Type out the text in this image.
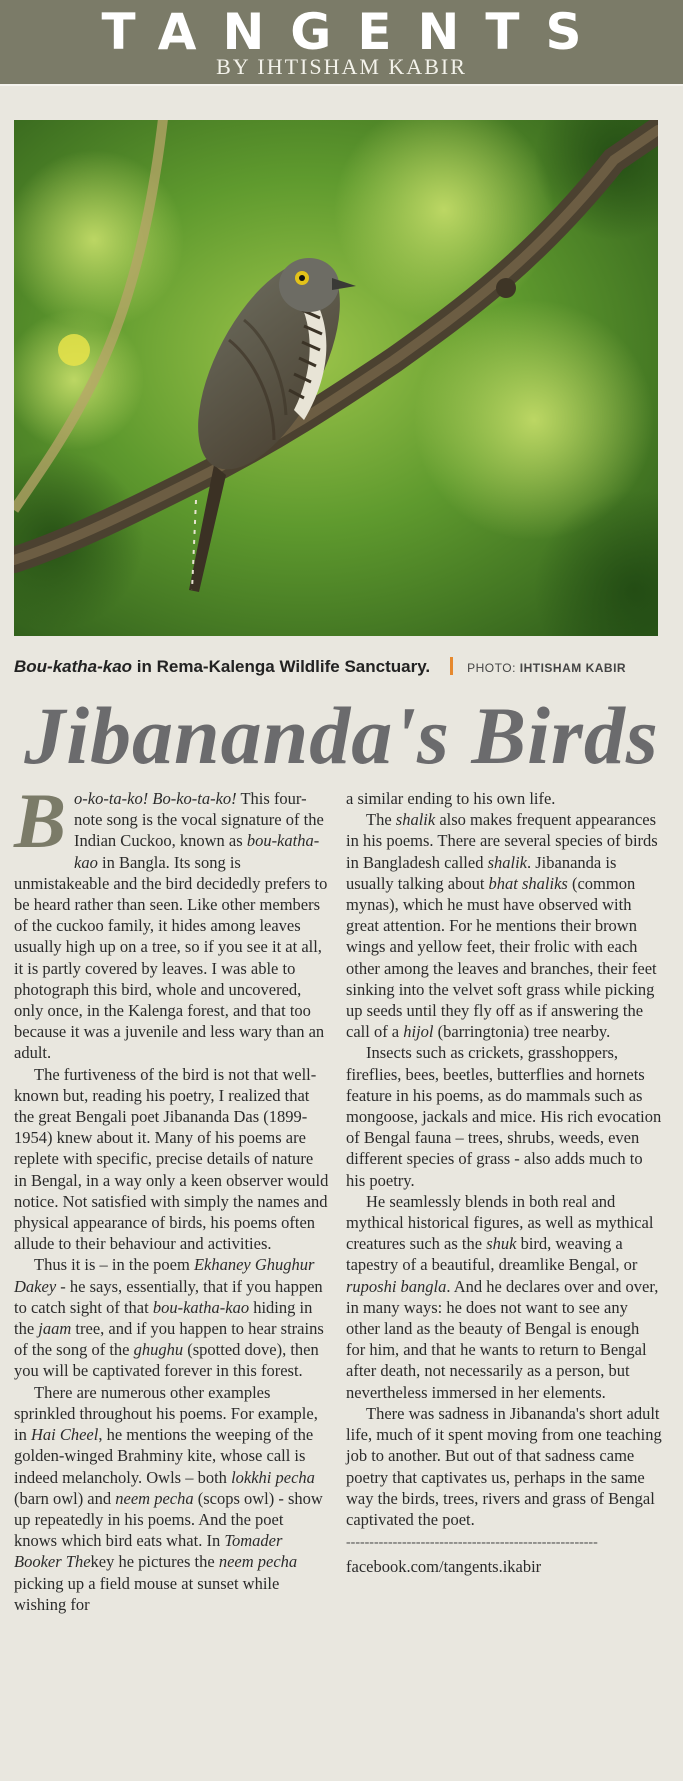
TANGENTS
BY IHTISHAM KABIR
Bou-katha-kao in Rema-Kalenga Wildlife Sanctuary.	PHOTO: IHTISHAM KABIR
Jibananda's Birds

Bo-ko-ta-ko! Bo-ko-ta-ko! This four-note song is the vocal signature of the Indian Cuckoo, known as bou-katha-kao in Bangla. Its song is unmistakeable and the bird decidedly prefers to be heard rather than seen. Like other members of the cuckoo family, it hides among leaves usually high up on a tree, so if you see it at all, it is partly covered by leaves. I was able to photograph this bird, whole and uncovered, only once, in the Kalenga forest, and that too because it was a juvenile and less wary than an adult.

The furtiveness of the bird is not that well-known but, reading his poetry, I realized that the great Bengali poet Jibananda Das (1899-1954) knew about it. Many of his poems are replete with specific, precise details of nature in Bengal, in a way only a keen observer would notice. Not satisfied with simply the names and physical appearance of birds, his poems often allude to their behaviour and activities.

Thus it is – in the poem Ekhaney Ghughur Dakey - he says, essentially, that if you happen to catch sight of that bou-katha-kao hiding in the jaam tree, and if you happen to hear strains of the song of the ghughu (spotted dove), then you will be captivated forever in this forest.

There are numerous other examples sprinkled throughout his poems. For example, in Hai Cheel, he mentions the weeping of the golden-winged Brahminy kite, whose call is indeed melancholy. Owls – both lokkhi pecha (barn owl) and neem pecha (scops owl) - show up repeatedly in his poems. And the poet knows which bird eats what. In Tomader Booker Thekey he pictures the neem pecha picking up a field mouse at sunset while wishing for

a similar ending to his own life.

The shalik also makes frequent appearances in his poems. There are several species of birds in Bangladesh called shalik. Jibananda is usually talking about bhat shaliks (common mynas), which he must have observed with great attention. For he mentions their brown wings and yellow feet, their frolic with each other among the leaves and branches, their feet sinking into the velvet soft grass while picking up seeds until they fly off as if answering the call of a hijol (barringtonia) tree nearby.

Insects such as crickets, grasshoppers, fireflies, bees, beetles, butterflies and hornets feature in his poems, as do mammals such as mongoose, jackals and mice. His rich evocation of Bengal fauna – trees, shrubs, weeds, even different species of grass - also adds much to his poetry.

He seamlessly blends in both real and mythical historical figures, as well as mythical creatures such as the shuk bird, weaving a tapestry of a beautiful, dreamlike Bengal, or ruposhi bangla. And he declares over and over, in many ways: he does not want to see any other land as the beauty of Bengal is enough for him, and that he wants to return to Bengal after death, not necessarily as a person, but nevertheless immersed in her elements.

There was sadness in Jibananda's short adult life, much of it spent moving from one teaching job to another. But out of that sadness came poetry that captivates us, perhaps in the same way the birds, trees, rivers and grass of Bengal captivated the poet.

------------------------------------------------------
facebook.com/tangents.ikabir
